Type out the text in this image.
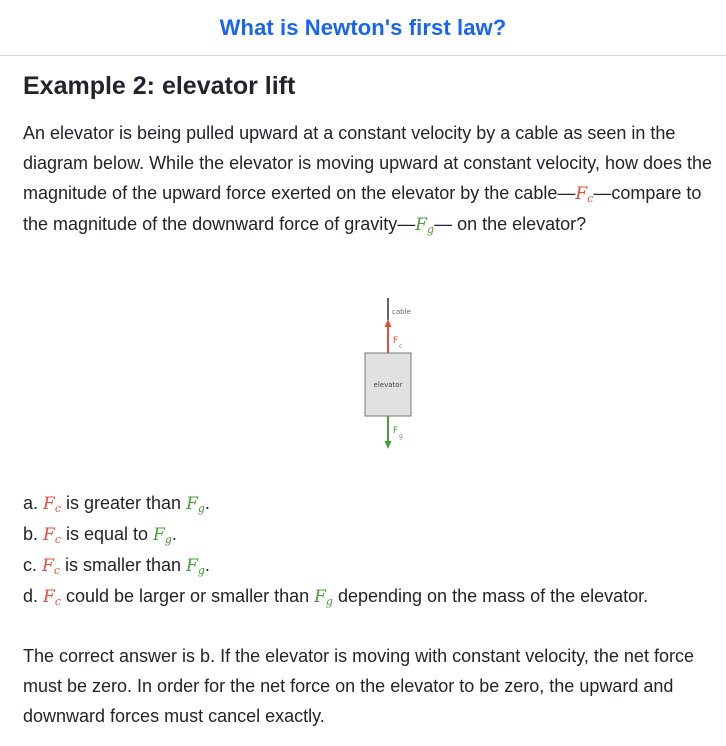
What is Newton's first law?
Example 2: elevator lift

An elevator is being pulled upward at a constant velocity by a cable as seen in the diagram below. While the elevator is moving upward at constant velocity, how does the magnitude of the upward force exerted on the elevator by the $cable—F_c—compare$ to the magnitude of the downward force of $gravity—F_g—$ on the elevator?

cable
F
c
elevator
F
g
a. $F_c$ is greater than $F_g$.
b. $F_c$ is equal to $F_g$.
c. $F_c$ is smaller than $F_g$.
d. $F_c$ could be larger or smaller than $F_g$ depending on the mass of the elevator.

The correct answer is b. If the elevator is moving with constant velocity, the net force must be zero. In order for the net force on the elevator to be zero, the upward and downward forces must cancel exactly.
